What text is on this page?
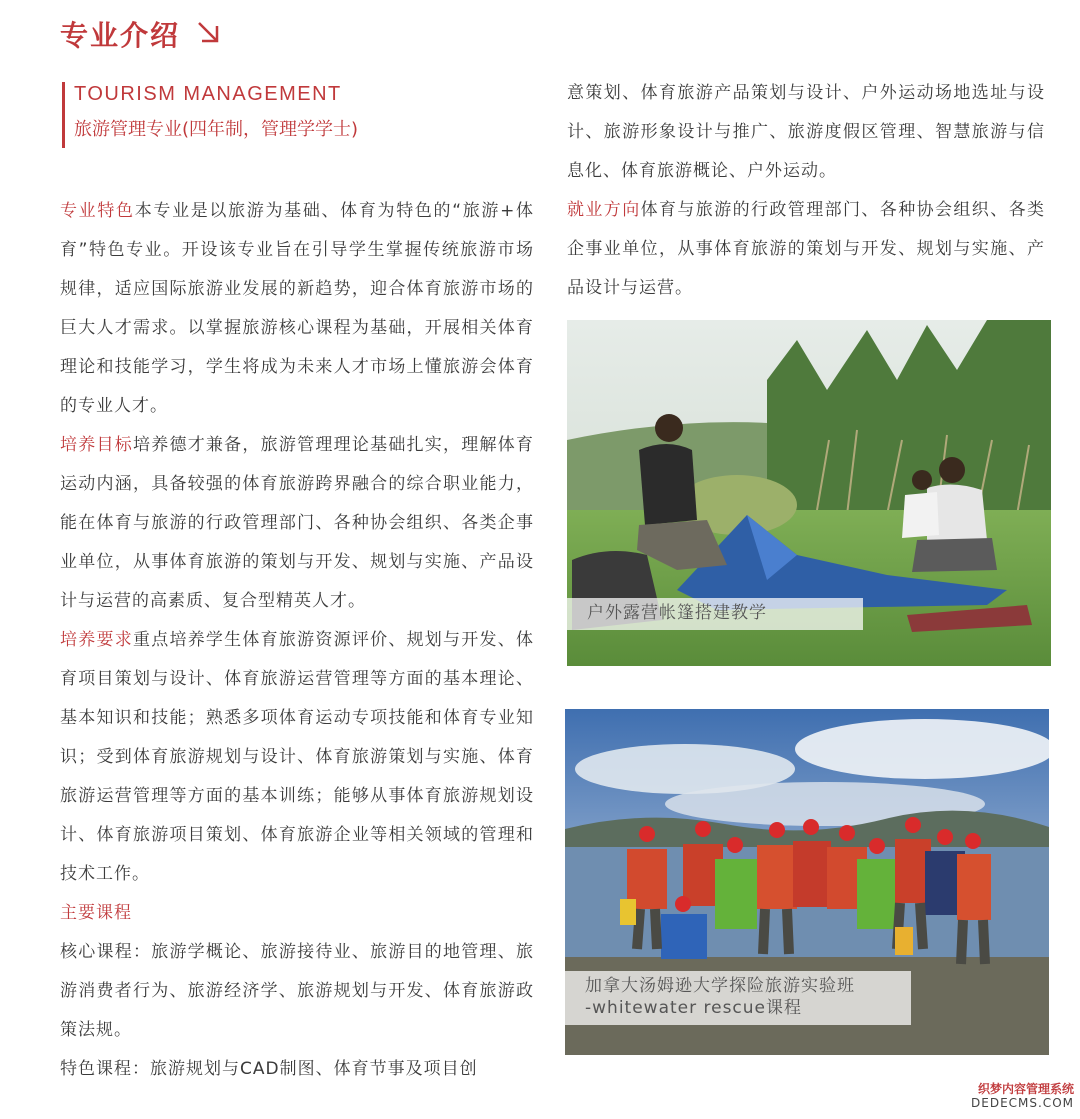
专业介绍
TOURISM MANAGEMENT
旅游管理专业(四年制，管理学学士)

专业特色本专业是以旅游为基础、体育为特色的“旅游+体育”特色专业。开设该专业旨在引导学生掌握传统旅游市场规律，适应国际旅游业发展的新趋势，迎合体育旅游市场的巨大人才需求。以掌握旅游核心课程为基础，开展相关体育理论和技能学习，学生将成为未来人才市场上懂旅游会体育的专业人才。

培养目标培养德才兼备，旅游管理理论基础扎实，理解体育运动内涵，具备较强的体育旅游跨界融合的综合职业能力，能在体育与旅游的行政管理部门、各种协会组织、各类企事业单位，从事体育旅游的策划与开发、规划与实施、产品设计与运营的高素质、复合型精英人才。

培养要求重点培养学生体育旅游资源评价、规划与开发、体育项目策划与设计、体育旅游运营管理等方面的基本理论、基本知识和技能；熟悉多项体育运动专项技能和体育专业知识；受到体育旅游规划与设计、体育旅游策划与实施、体育旅游运营管理等方面的基本训练；能够从事体育旅游规划设计、体育旅游项目策划、体育旅游企业等相关领域的管理和技术工作。

主要课程

核心课程：旅游学概论、旅游接待业、旅游目的地管理、旅游消费者行为、旅游经济学、旅游规划与开发、体育旅游政策法规。

特色课程：旅游规划与CAD制图、体育节事及项目创

意策划、体育旅游产品策划与设计、户外运动场地选址与设计、旅游形象设计与推广、旅游度假区管理、智慧旅游与信息化、体育旅游概论、户外运动。

就业方向体育与旅游的行政管理部门、各种协会组织、各类企事业单位，从事体育旅游的策划与开发、规划与实施、产品设计与运营。

户外露营帐篷搭建教学
加拿大汤姆逊大学探险旅游实验班
-whitewater rescue课程
织梦内容管理系统
DEDECMS.COM
